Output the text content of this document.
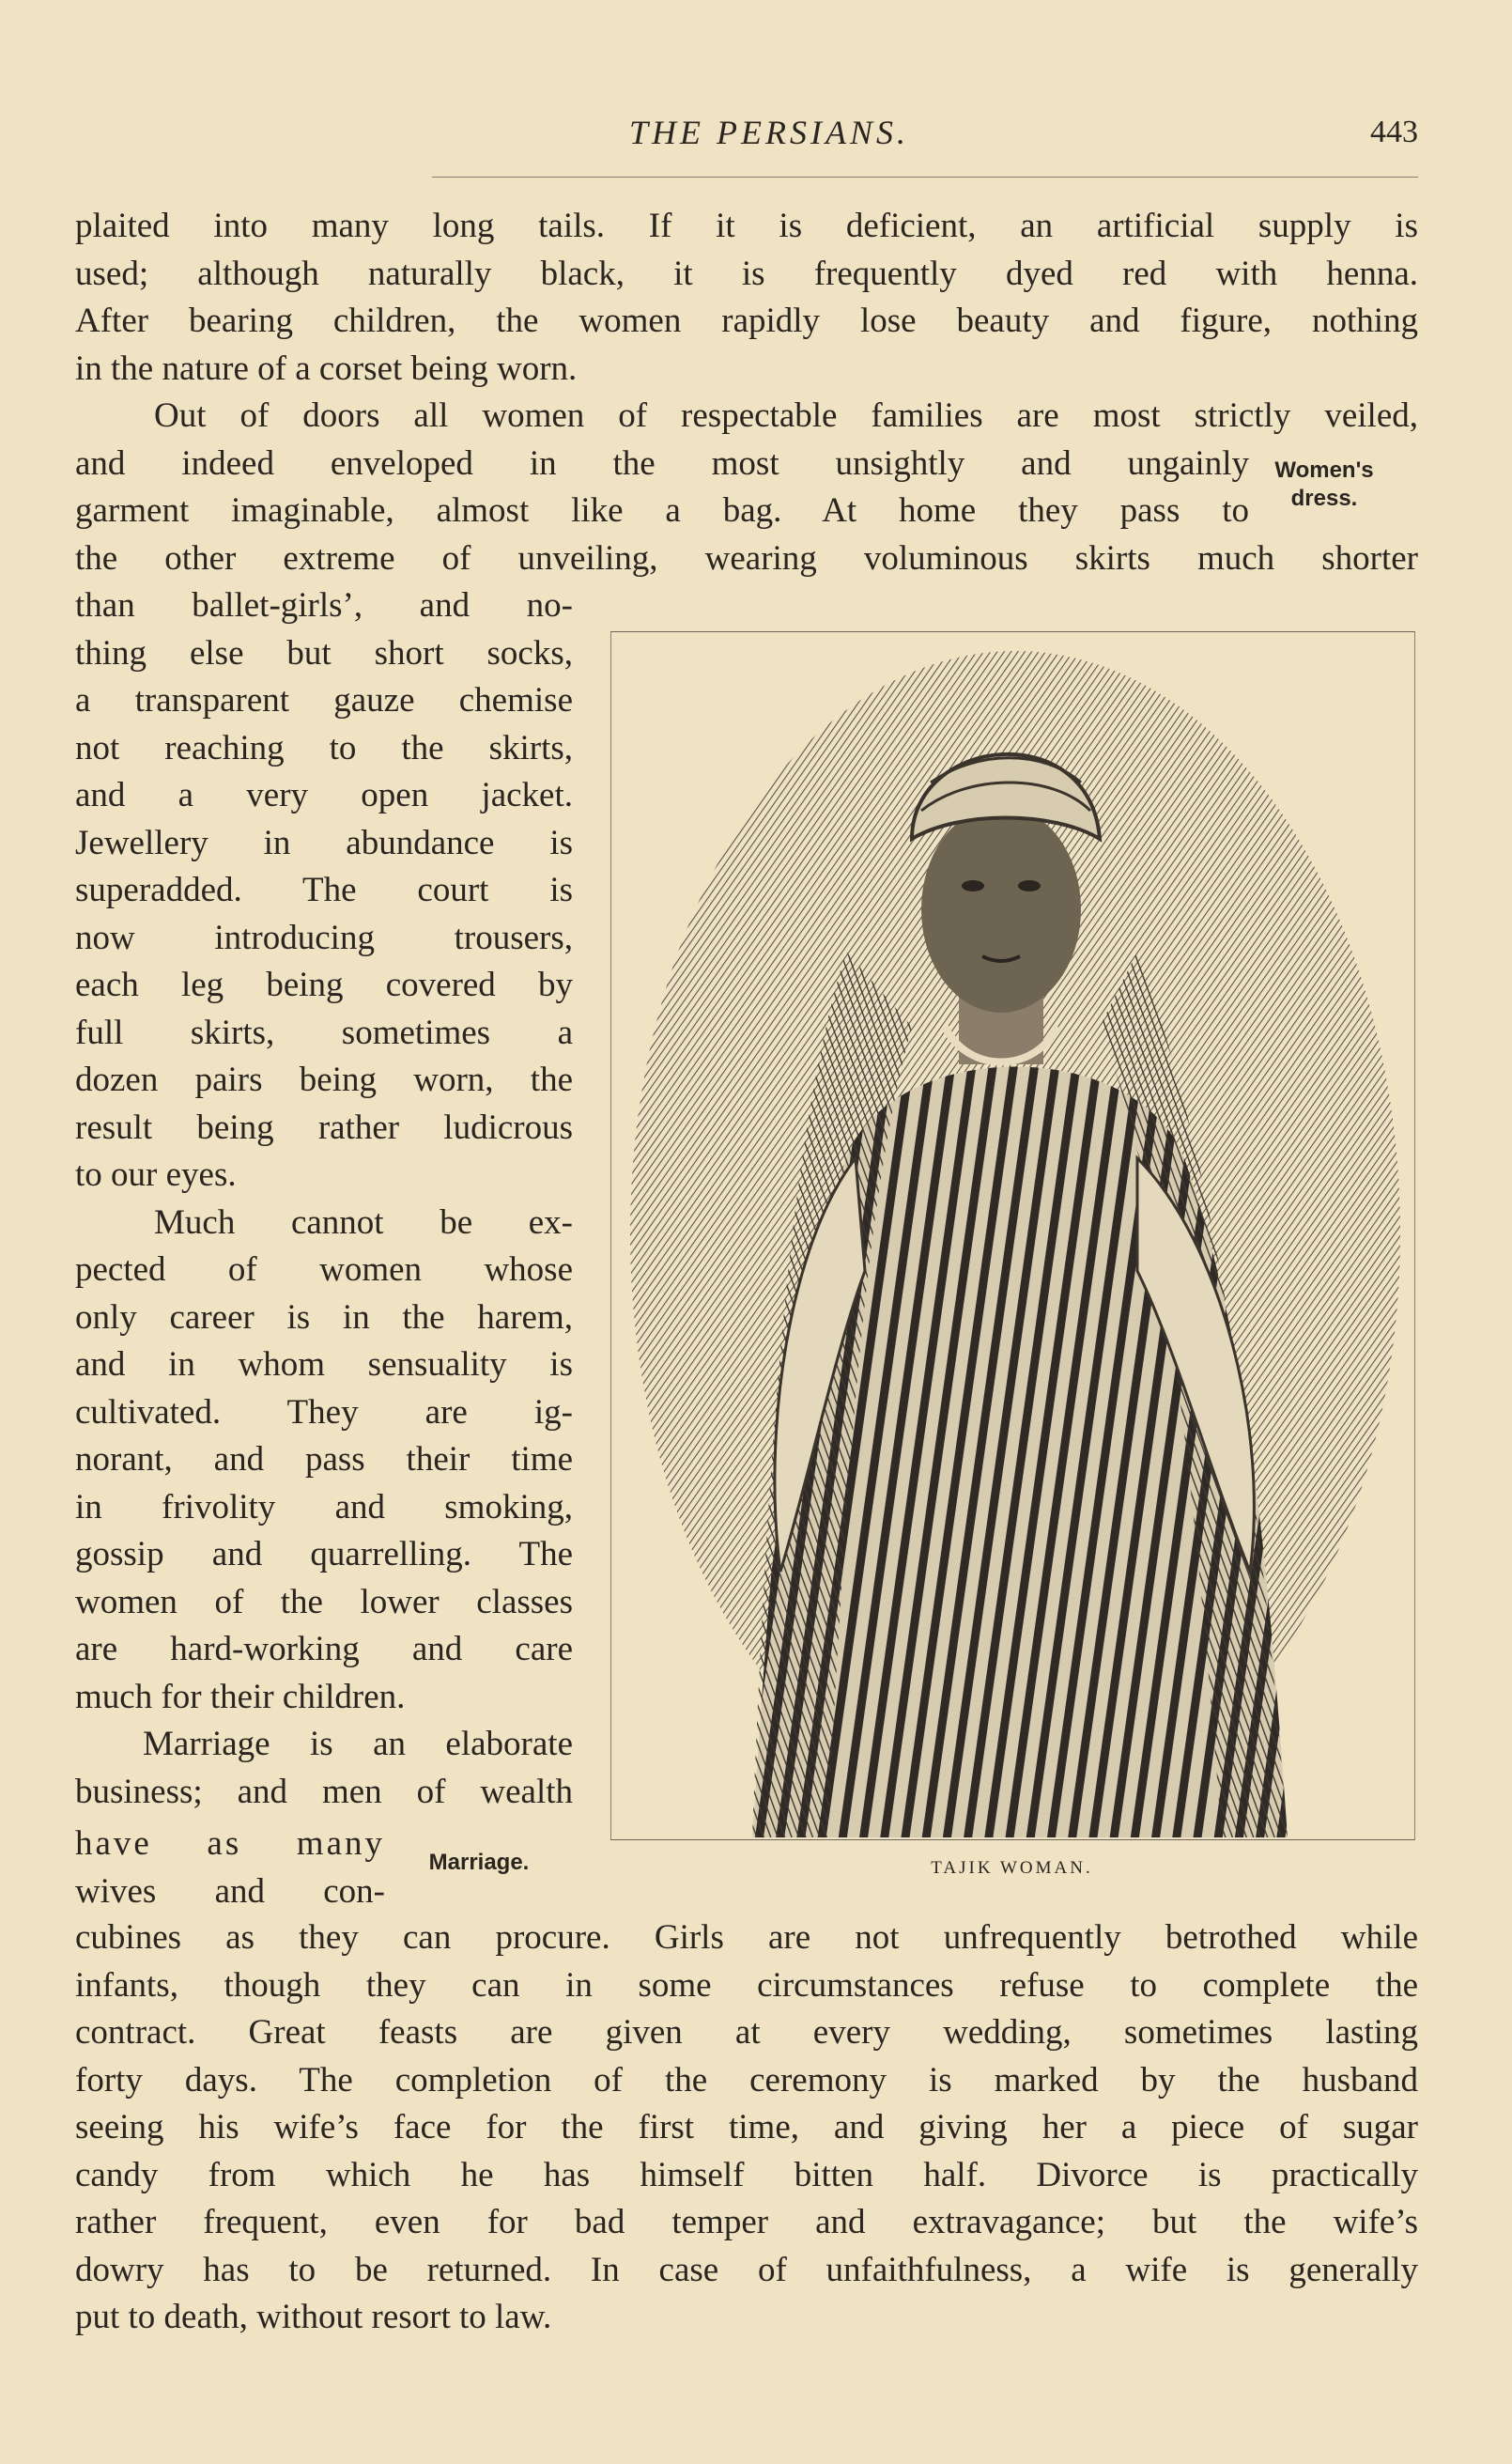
THE PERSIANS.	443
plaited into many long tails. If it is deficient, an artificial supply is
used; although naturally black, it is frequently dyed red with henna.
After bearing children, the women rapidly lose beauty and figure, nothing
in the nature of a corset being worn.
Out of doors all women of respectable families are most strictly veiled,
and indeed enveloped in the most unsightly and ungainly
garment imaginable, almost like a bag. At home they pass to
the other extreme of unveiling, wearing voluminous skirts much shorter
Women's
dress.
than ballet-girls’, and no-
thing else but short socks,
a transparent gauze chemise
not reaching to the skirts,
and a very open jacket.
Jewellery in abundance is
superadded. The court is
now introducing trousers,
each leg being covered by
full skirts, sometimes a
dozen pairs being worn, the
result being rather ludicrous
to our eyes.
Much cannot be ex-
pected of women whose
only career is in the harem,
and in whom sensuality is
cultivated. They are ig-
norant, and pass their time
in frivolity and smoking,
gossip and quarrelling. The
women of the lower classes
are hard-working and care
much for their children.
Marriage is an elaborate
business; and men of wealth
have as many
wives and con-
Marriage.	TAJIK WOMAN.
cubines as they can procure. Girls are not unfrequently betrothed while
infants, though they can in some circumstances refuse to complete the
contract. Great feasts are given at every wedding, sometimes lasting
forty days. The completion of the ceremony is marked by the husband
seeing his wife’s face for the first time, and giving her a piece of sugar
candy from which he has himself bitten half. Divorce is practically
rather frequent, even for bad temper and extravagance; but the wife’s
dowry has to be returned. In case of unfaithfulness, a wife is generally
put to death, without resort to law.
